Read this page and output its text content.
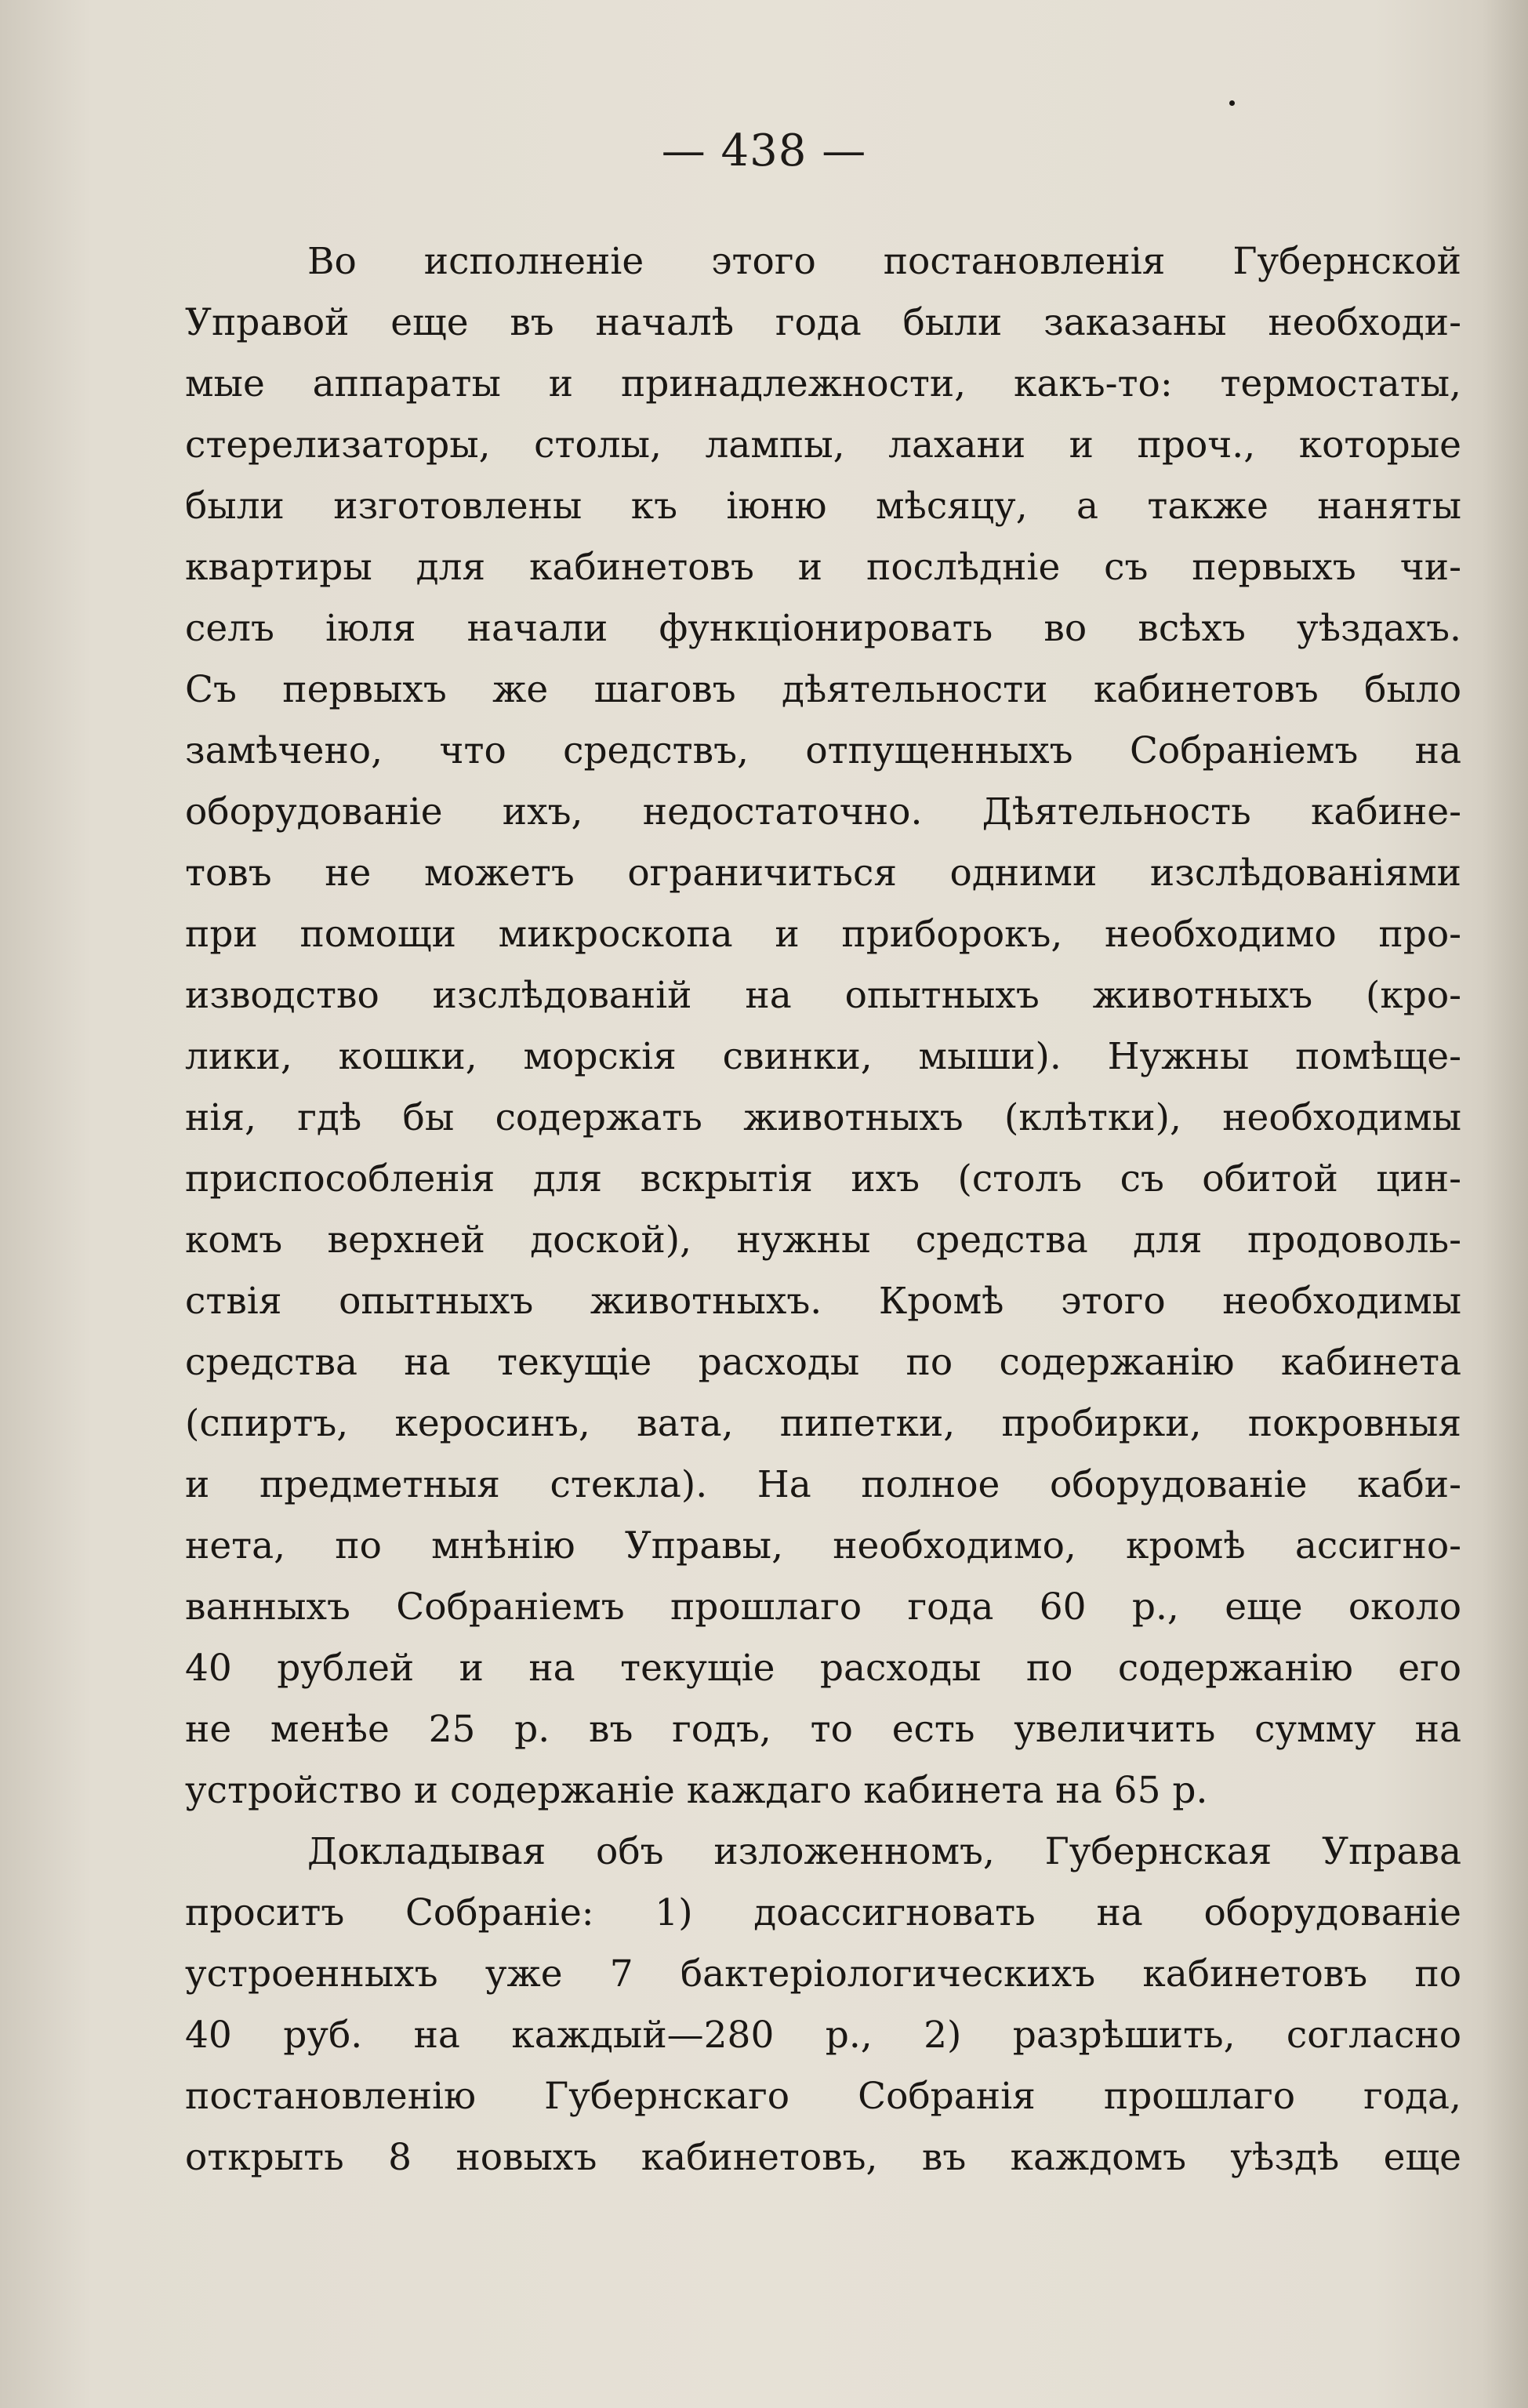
— 438 —
Во исполненіе этого постановленія Губернской
Управой еще въ началѣ года были заказаны необходи-
мые аппараты и принадлежности, какъ-то: термостаты,
стерелизаторы, столы, лампы, лахани и проч., которые
были изготовлены къ іюню мѣсяцу, а также наняты
квартиры для кабинетовъ и послѣдніе съ первыхъ чи-
селъ іюля начали функціонировать во всѣхъ уѣздахъ.
Съ первыхъ же шаговъ дѣятельности кабинетовъ было
замѣчено, что средствъ, отпущенныхъ Собраніемъ на
оборудованіе ихъ, недостаточно. Дѣятельность кабине-
товъ не можетъ ограничиться одними изслѣдованіями
при помощи микроскопа и приборокъ, необходимо про-
изводство изслѣдованій на опытныхъ животныхъ (кро-
лики, кошки, морскія свинки, мыши). Нужны помѣще-
нія, гдѣ бы содержать животныхъ (клѣтки), необходимы
приспособленія для вскрытія ихъ (столъ съ обитой цин-
комъ верхней доской), нужны средства для продоволь-
ствія опытныхъ животныхъ. Кромѣ этого необходимы
средства на текущіе расходы по содержанію кабинета
(спиртъ, керосинъ, вата, пипетки, пробирки, покровныя
и предметныя стекла). На полное оборудованіе каби-
нета, по мнѣнію Управы, необходимо, кромѣ ассигно-
ванныхъ Собраніемъ прошлаго года 60 р., еще около
40 рублей и на текущіе расходы по содержанію его
не менѣе 25 р. въ годъ, то есть увеличить сумму на
устройство и содержаніе каждаго кабинета на 65 р.
Докладывая объ изложенномъ, Губернская Управа
проситъ Собраніе: 1) доассигновать на оборудованіе
устроенныхъ уже 7 бактеріологическихъ кабинетовъ по
40 руб. на каждый—280 р., 2) разрѣшить, согласно
постановленію Губернскаго Собранія прошлаго года,
открыть 8 новыхъ кабинетовъ, въ каждомъ уѣздѣ еще
